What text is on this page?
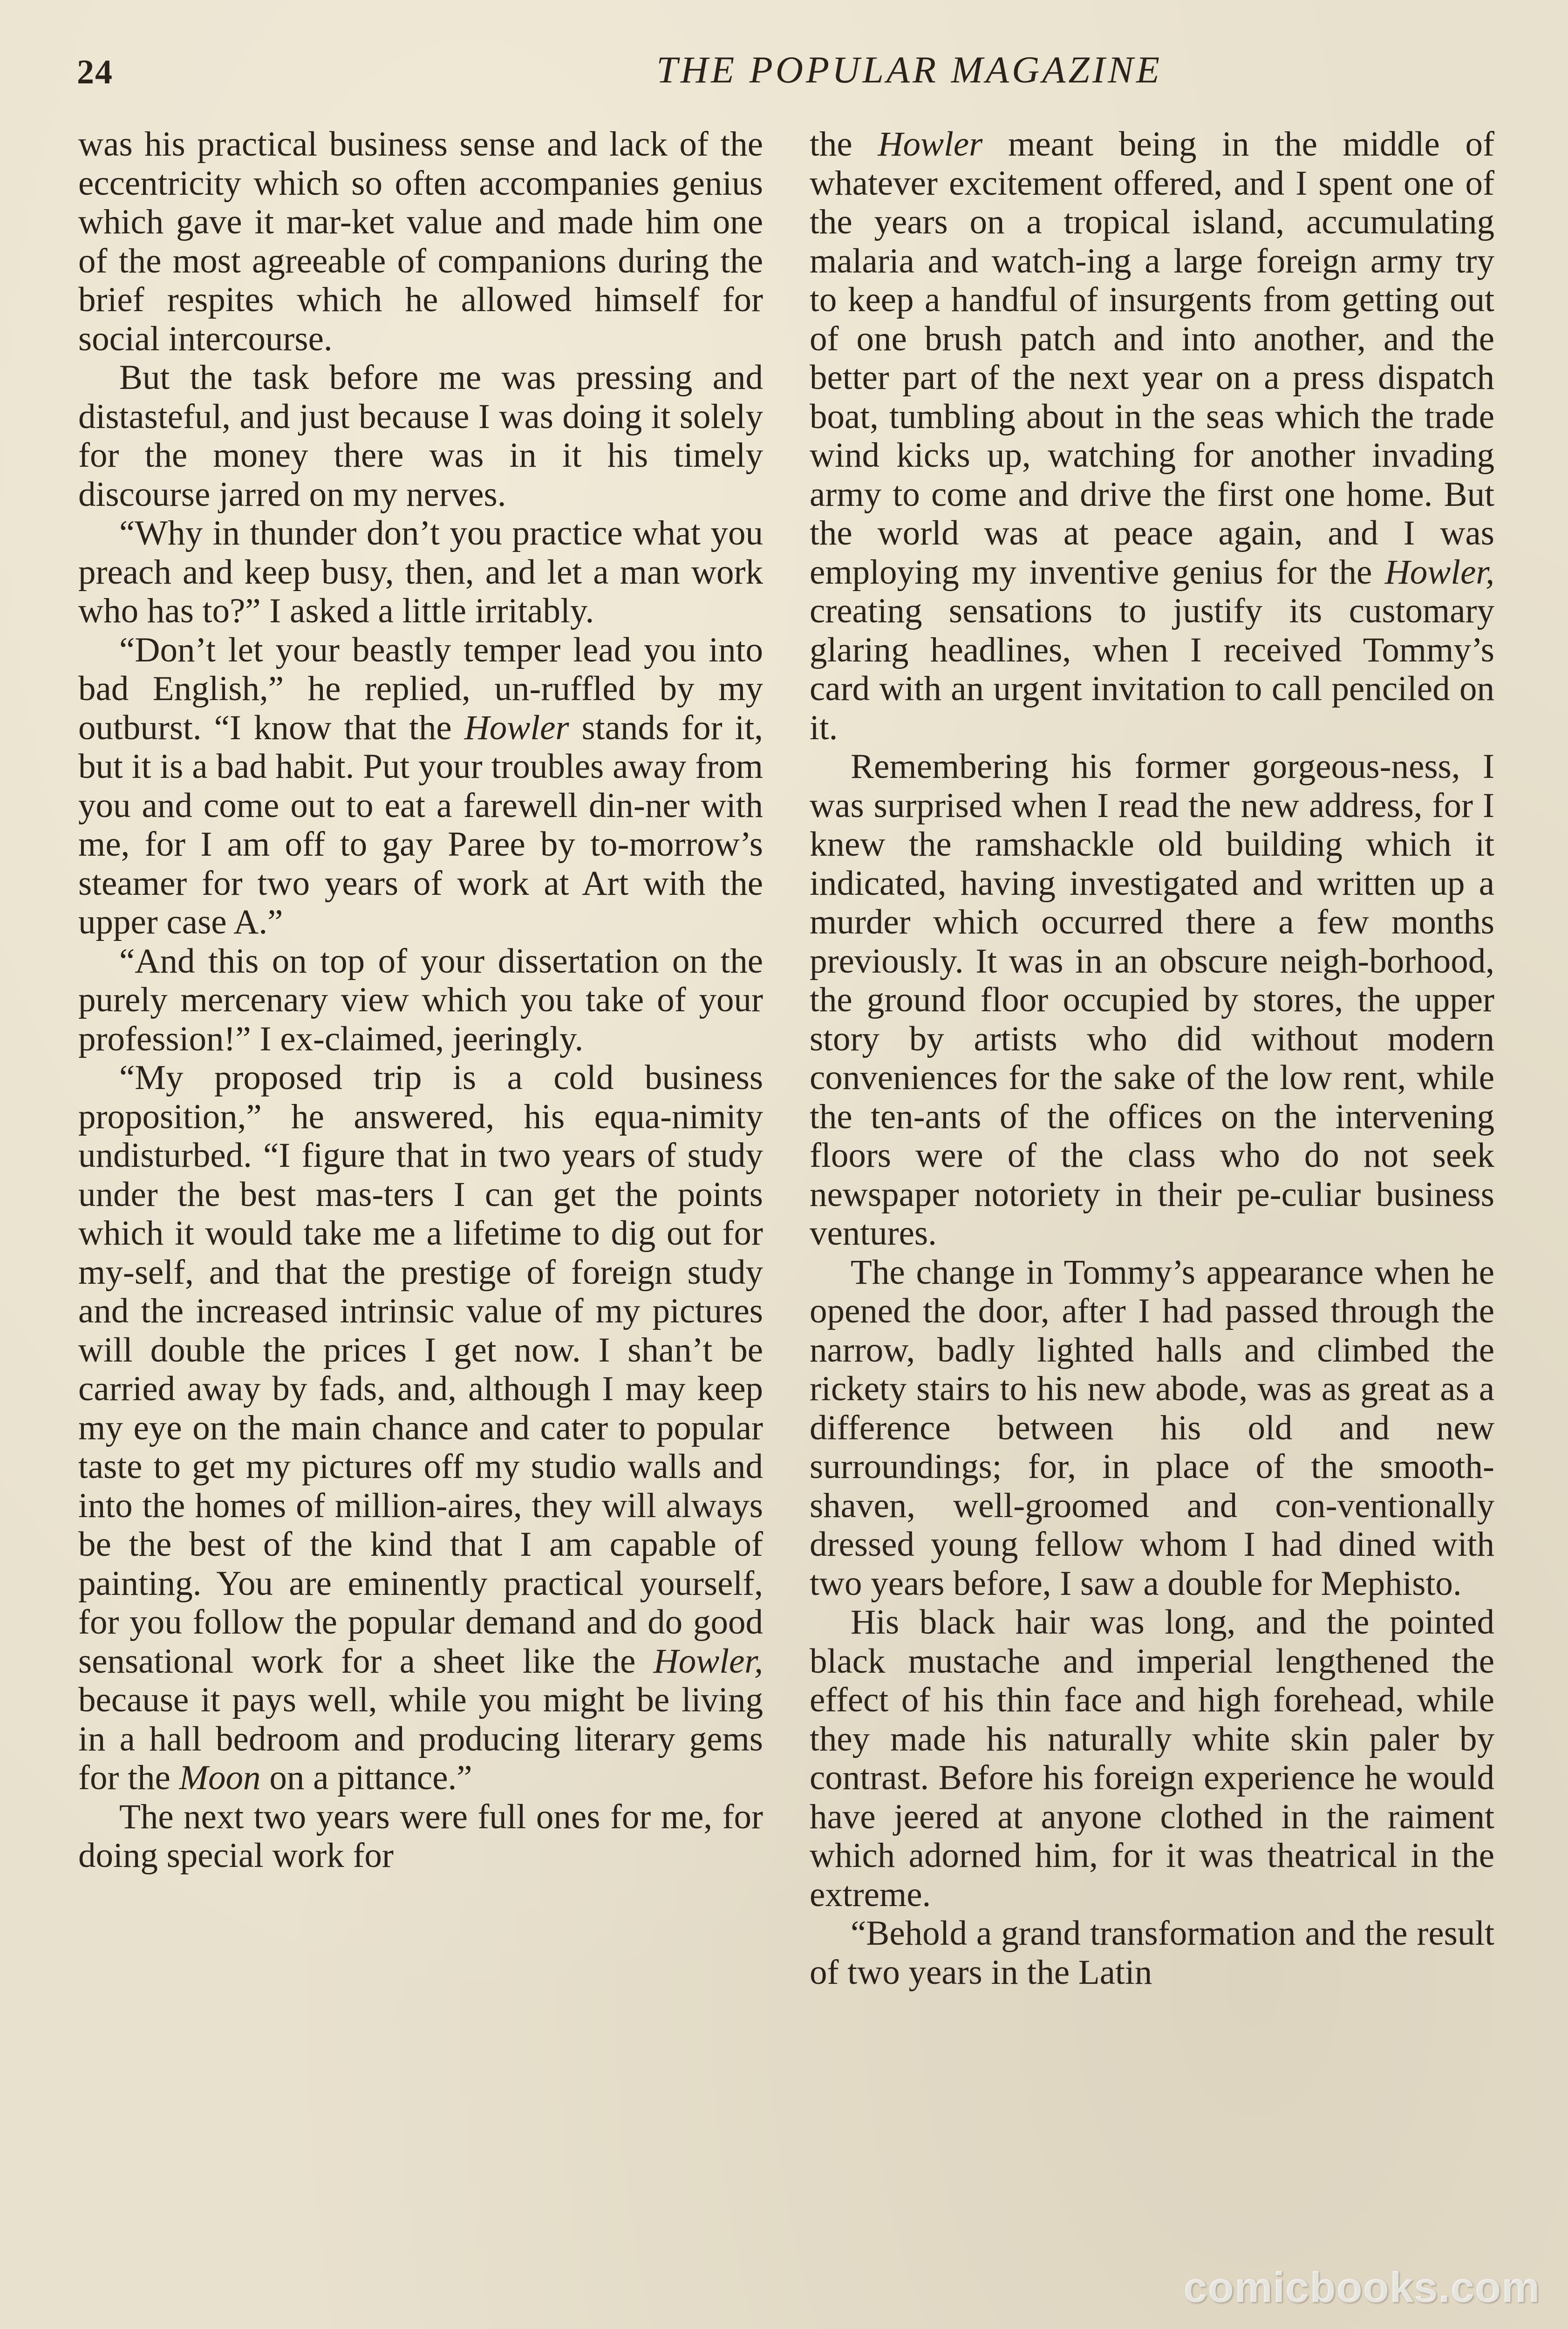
24	THE POPULAR MAGAZINE

was his practical business sense and lack of the eccentricity which so often accompanies genius which gave it mar-ket value and made him one of the most agreeable of companions during the brief respites which he allowed himself for social intercourse.

But the task before me was pressing and distasteful, and just because I was doing it solely for the money there was in it his timely discourse jarred on my nerves.

“Why in thunder don’t you practice what you preach and keep busy, then, and let a man work who has to?” I asked a little irritably.

“Don’t let your beastly temper lead you into bad English,” he replied, un-ruffled by my outburst. “I know that the Howler stands for it, but it is a bad habit. Put your troubles away from you and come out to eat a farewell din-ner with me, for I am off to gay Paree by to-morrow’s steamer for two years of work at Art with the upper case A.”

“And this on top of your dissertation on the purely mercenary view which you take of your profession!” I ex-claimed, jeeringly.

“My proposed trip is a cold business proposition,” he answered, his equa-nimity undisturbed. “I figure that in two years of study under the best mas-ters I can get the points which it would take me a lifetime to dig out for my-self, and that the prestige of foreign study and the increased intrinsic value of my pictures will double the prices I get now. I shan’t be carried away by fads, and, although I may keep my eye on the main chance and cater to popular taste to get my pictures off my studio walls and into the homes of million-aires, they will always be the best of the kind that I am capable of painting. You are eminently practical yourself, for you follow the popular demand and do good sensational work for a sheet like the Howler, because it pays well, while you might be living in a hall bedroom and producing literary gems for the Moon on a pittance.”

The next two years were full ones for me, for doing special work for

the Howler meant being in the middle of whatever excitement offered, and I spent one of the years on a tropical island, accumulating malaria and watch-ing a large foreign army try to keep a handful of insurgents from getting out of one brush patch and into another, and the better part of the next year on a press dispatch boat, tumbling about in the seas which the trade wind kicks up, watching for another invading army to come and drive the first one home. But the world was at peace again, and I was employing my inventive genius for the Howler, creating sensations to justify its customary glaring headlines, when I received Tommy’s card with an urgent invitation to call penciled on it.

Remembering his former gorgeous-ness, I was surprised when I read the new address, for I knew the ramshackle old building which it indicated, having investigated and written up a murder which occurred there a few months previously. It was in an obscure neigh-borhood, the ground floor occupied by stores, the upper story by artists who did without modern conveniences for the sake of the low rent, while the ten-ants of the offices on the intervening floors were of the class who do not seek newspaper notoriety in their pe-culiar business ventures.

The change in Tommy’s appearance when he opened the door, after I had passed through the narrow, badly lighted halls and climbed the rickety stairs to his new abode, was as great as a difference between his old and new surroundings; for, in place of the smooth-shaven, well-groomed and con-ventionally dressed young fellow whom I had dined with two years before, I saw a double for Mephisto.

His black hair was long, and the pointed black mustache and imperial lengthened the effect of his thin face and high forehead, while they made his naturally white skin paler by contrast. Before his foreign experience he would have jeered at anyone clothed in the raiment which adorned him, for it was theatrical in the extreme.

“Behold a grand transformation and the result of two years in the Latin

comicbooks.com
